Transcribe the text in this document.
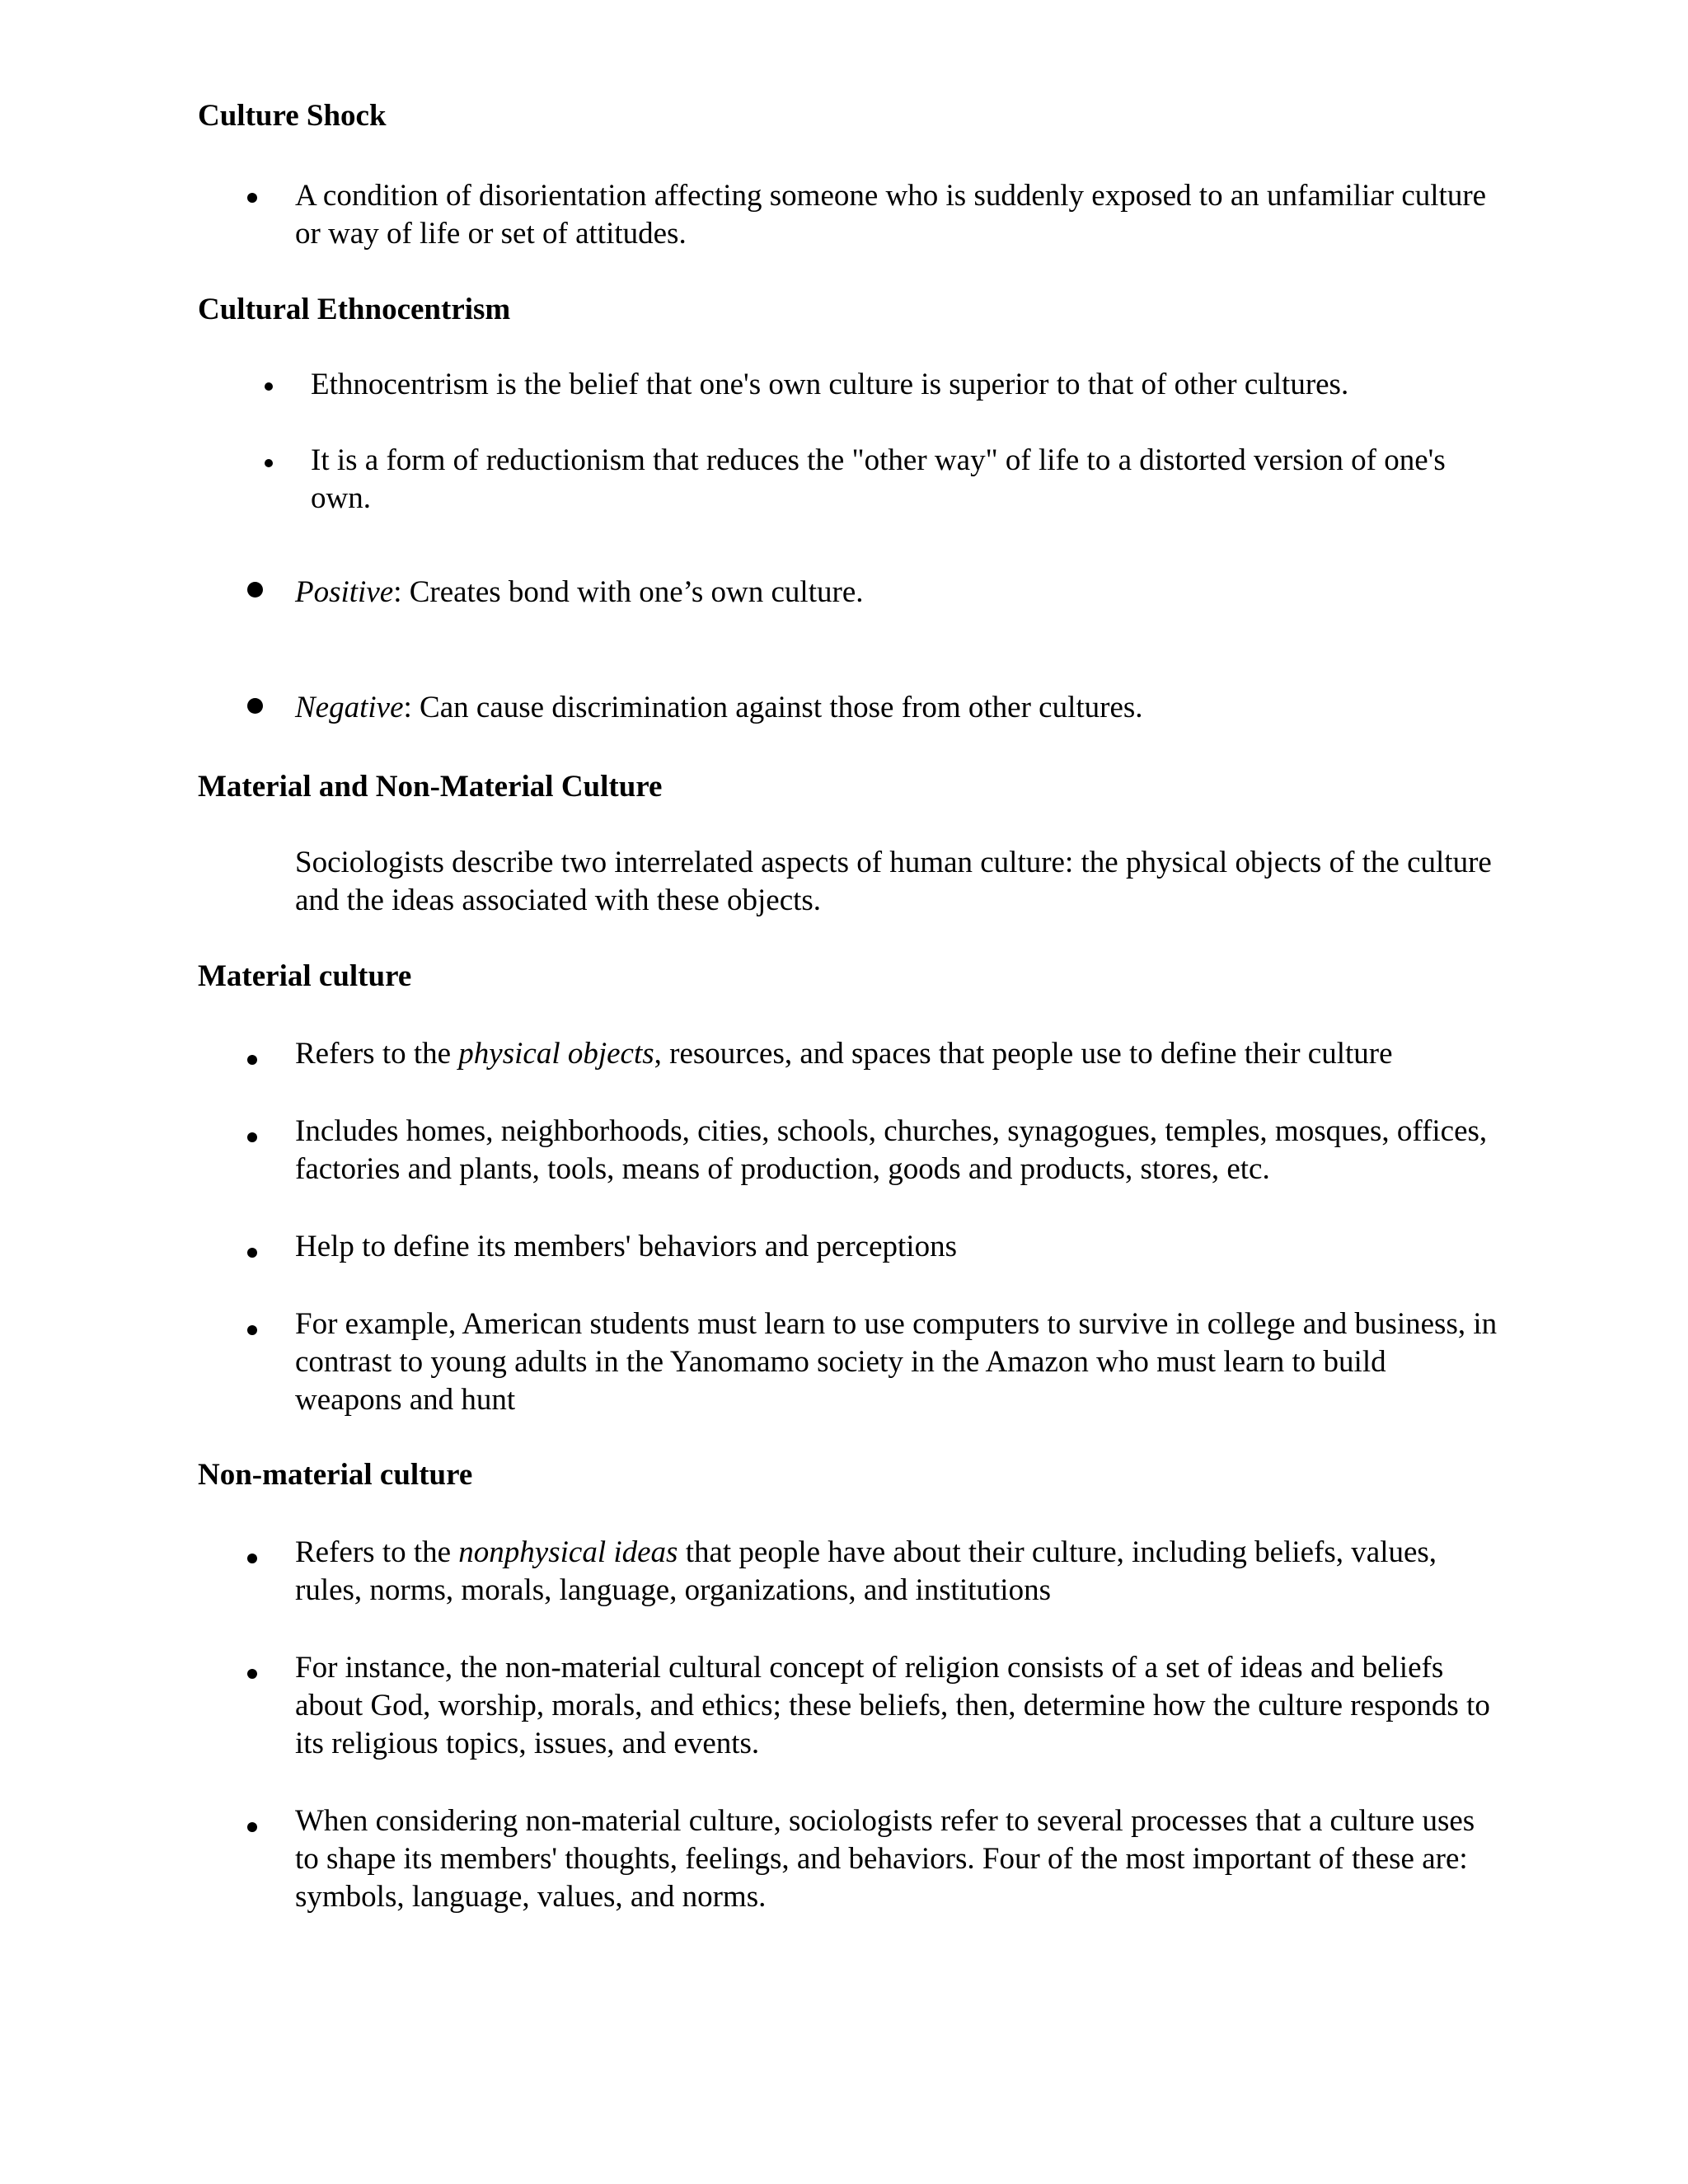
Culture Shock
A condition of disorientation affecting someone who is suddenly exposed to an unfamiliar culture or way of life or set of attitudes.
Cultural Ethnocentrism
Ethnocentrism is the belief that one's own culture is superior to that of other cultures.
It is a form of reductionism that reduces the "other way" of life to a distorted version of one's own.
Positive: Creates bond with one’s own culture.
Negative: Can cause discrimination against those from other cultures.
Material and Non-Material Culture
Sociologists describe two interrelated aspects of human culture: the physical objects of the culture and the ideas associated with these objects.
Material culture
Refers to the physical objects, resources, and spaces that people use to define their culture
Includes homes, neighborhoods, cities, schools, churches, synagogues, temples, mosques, offices, factories and plants, tools, means of production, goods and products, stores, etc.
Help to define its members' behaviors and perceptions
For example, American students must learn to use computers to survive in college and business, in contrast to young adults in the Yanomamo society in the Amazon who must learn to build weapons and hunt
Non-material culture
Refers to the nonphysical ideas that people have about their culture, including beliefs, values, rules, norms, morals, language, organizations, and institutions
For instance, the non-material cultural concept of religion consists of a set of ideas and beliefs about God, worship, morals, and ethics; these beliefs, then, determine how the culture responds to its religious topics, issues, and events.
When considering non-material culture, sociologists refer to several processes that a culture uses to shape its members' thoughts, feelings, and behaviors. Four of the most important of these are: symbols, language, values, and norms.
